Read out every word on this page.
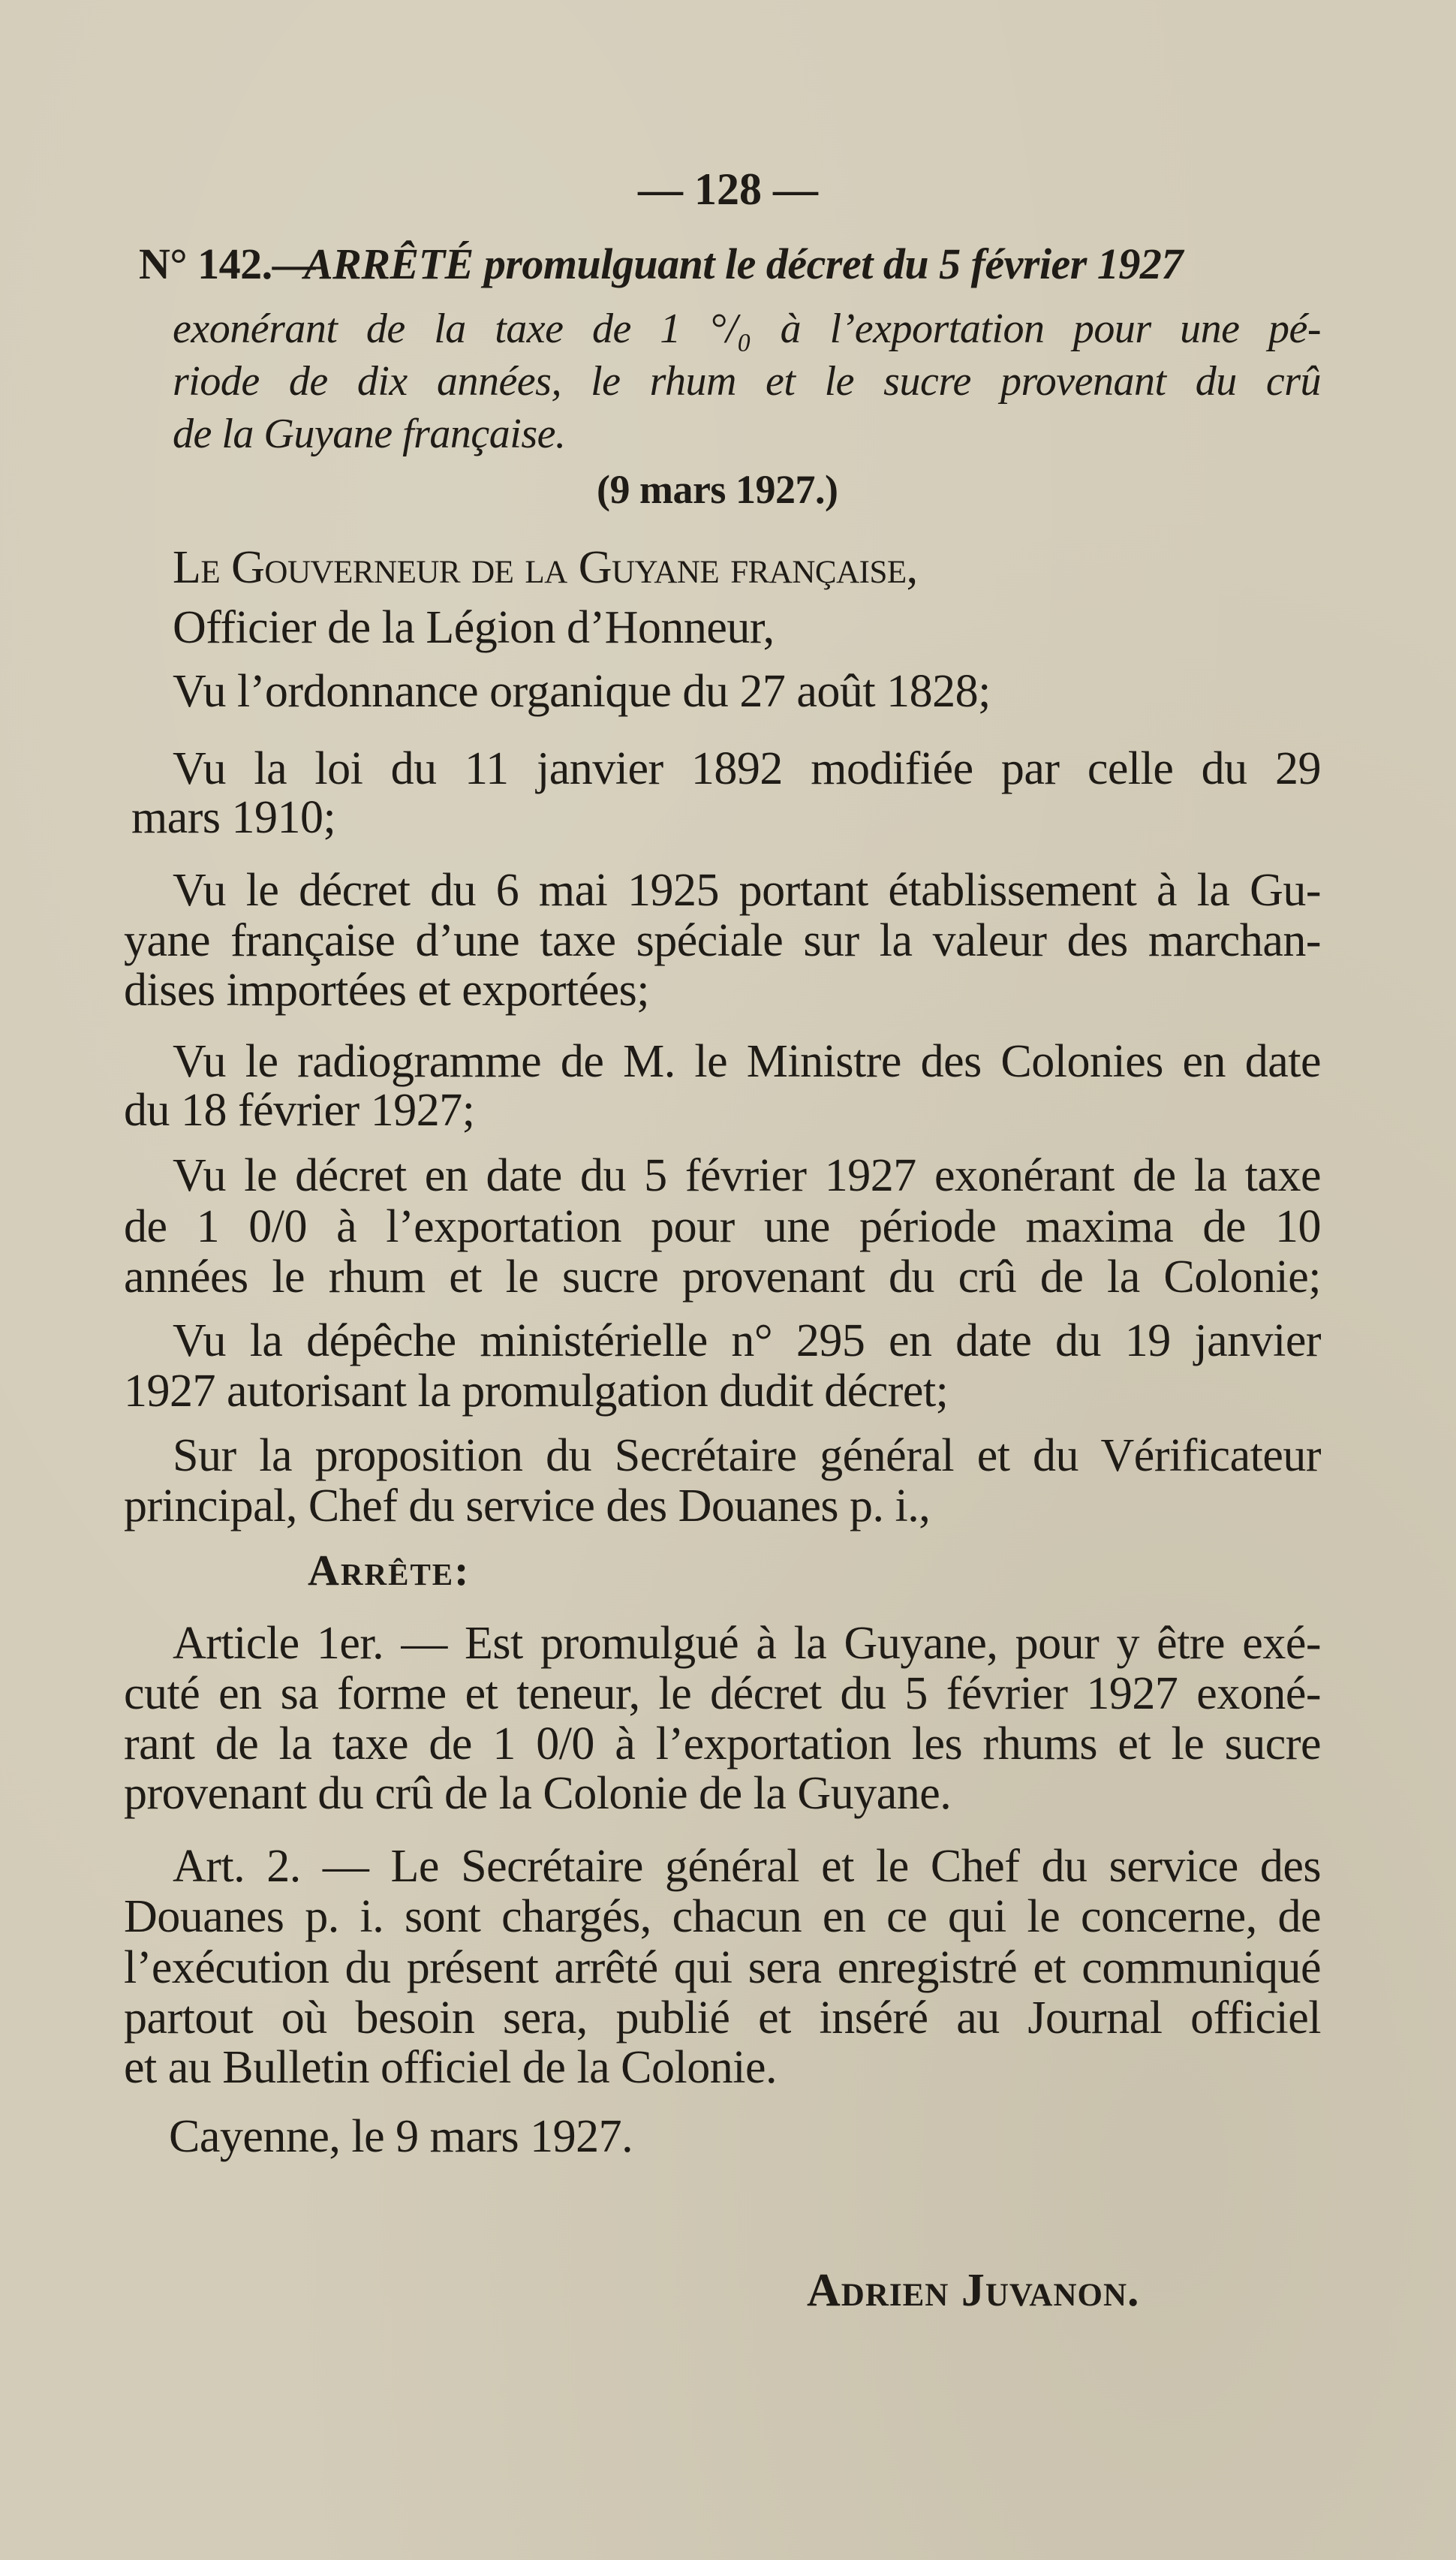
— 128 —
N° 142.—
ARRÊTÉ promulguant le décret du 5 février 1927
exonérant de la taxe de 1 °/₀ à l’exportation pour une pé-
riode de dix années, le rhum et le sucre provenant du crû
de la Guyane française.
(9 mars 1927.)
Le Gouverneur de la Guyane française,
Officier de la Légion d’Honneur,
Vu l’ordonnance organique du 27 août 1828;
Vu la loi du 11 janvier 1892 modifiée par celle du 29
mars 1910;
Vu le décret du 6 mai 1925 portant établissement à la Gu-
yane française d’une taxe spéciale sur la valeur des marchan-
dises importées et exportées;
Vu le radiogramme de M. le Ministre des Colonies en date
du 18 février 1927;
Vu le décret en date du 5 février 1927 exonérant de la taxe
de 1 0/0 à l’exportation pour une période maxima de 10
années le rhum et le sucre provenant du crû de la Colonie;
Vu la dépêche ministérielle n° 295 en date du 19 janvier
1927 autorisant la promulgation dudit décret;
Sur la proposition du Secrétaire général et du Vérificateur
principal, Chef du service des Douanes p. i.,
Arrête:
Article 1er. — Est promulgué à la Guyane, pour y être exé-
cuté en sa forme et teneur, le décret du 5 février 1927 exoné-
rant de la taxe de 1 0/0 à l’exportation les rhums et le sucre
provenant du crû de la Colonie de la Guyane.
Art. 2. — Le Secrétaire général et le Chef du service des
Douanes p. i. sont chargés, chacun en ce qui le concerne, de
l’exécution du présent arrêté qui sera enregistré et communiqué
partout où besoin sera, publié et inséré au Journal officiel
et au Bulletin officiel de la Colonie.
Cayenne, le 9 mars 1927.
Adrien Juvanon.
